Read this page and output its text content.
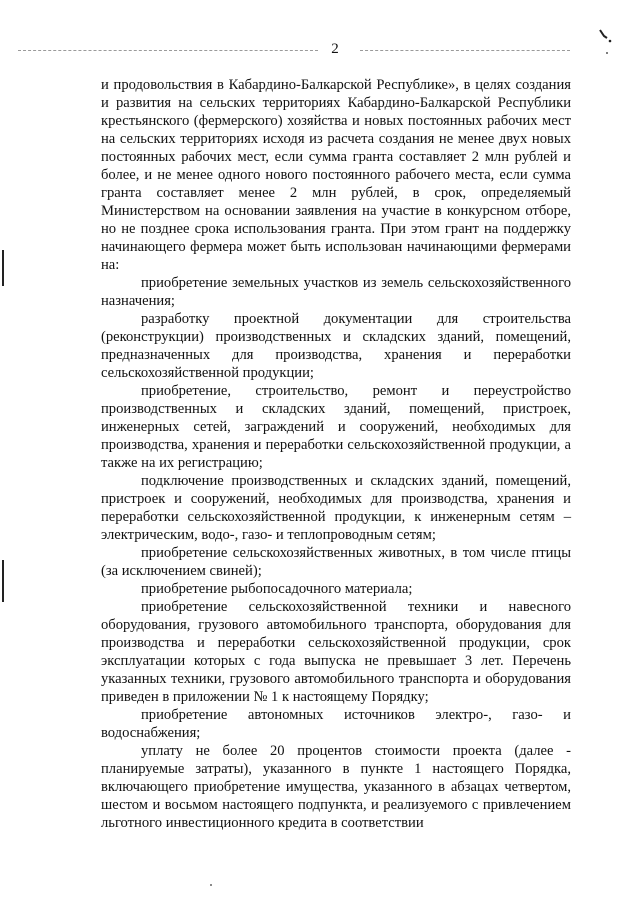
2

и продовольствия в Кабардино-Балкарской Республике», в целях создания и развития на сельских территориях Кабардино-Балкарской Республики крестьянского (фермерского) хозяйства и новых постоянных рабочих мест на сельских территориях исходя из расчета создания не менее двух новых постоянных рабочих мест, если сумма гранта составляет 2 млн рублей и более, и не менее одного нового постоянного рабочего места, если сумма гранта составляет менее 2 млн рублей, в срок, определяемый Министерством на основании заявления на участие в конкурсном отборе, но не позднее срока использования гранта. При этом грант на поддержку начинающего фермера может быть использован начинающими фермерами на:

приобретение земельных участков из земель сельскохозяйственного назначения;

разработку проектной документации для строительства (реконструкции) производственных и складских зданий, помещений, предназначенных для производства, хранения и переработки сельскохозяйственной продукции;

приобретение, строительство, ремонт и переустройство производственных и складских зданий, помещений, пристроек, инженерных сетей, заграждений и сооружений, необходимых для производства, хранения и переработки сельскохозяйственной продукции, а также на их регистрацию;

подключение производственных и складских зданий, помещений, пристроек и сооружений, необходимых для производства, хранения и переработки сельскохозяйственной продукции, к инженерным сетям – электрическим, водо-, газо- и теплопроводным сетям;

приобретение сельскохозяйственных животных, в том числе птицы (за исключением свиней);

приобретение рыбопосадочного материала;

приобретение сельскохозяйственной техники и навесного оборудования, грузового автомобильного транспорта, оборудования для производства и переработки сельскохозяйственной продукции, срок эксплуатации которых с года выпуска не превышает 3 лет. Перечень указанных техники, грузового автомобильного транспорта и оборудования приведен в приложении № 1 к настоящему Порядку;

приобретение автономных источников электро-, газо- и водоснабжения;

уплату не более 20 процентов стоимости проекта (далее - планируемые затраты), указанного в пункте 1 настоящего Порядка, включающего приобретение имущества, указанного в абзацах четвертом, шестом и восьмом настоящего подпункта, и реализуемого с привлечением льготного инвестиционного кредита в соответствии
